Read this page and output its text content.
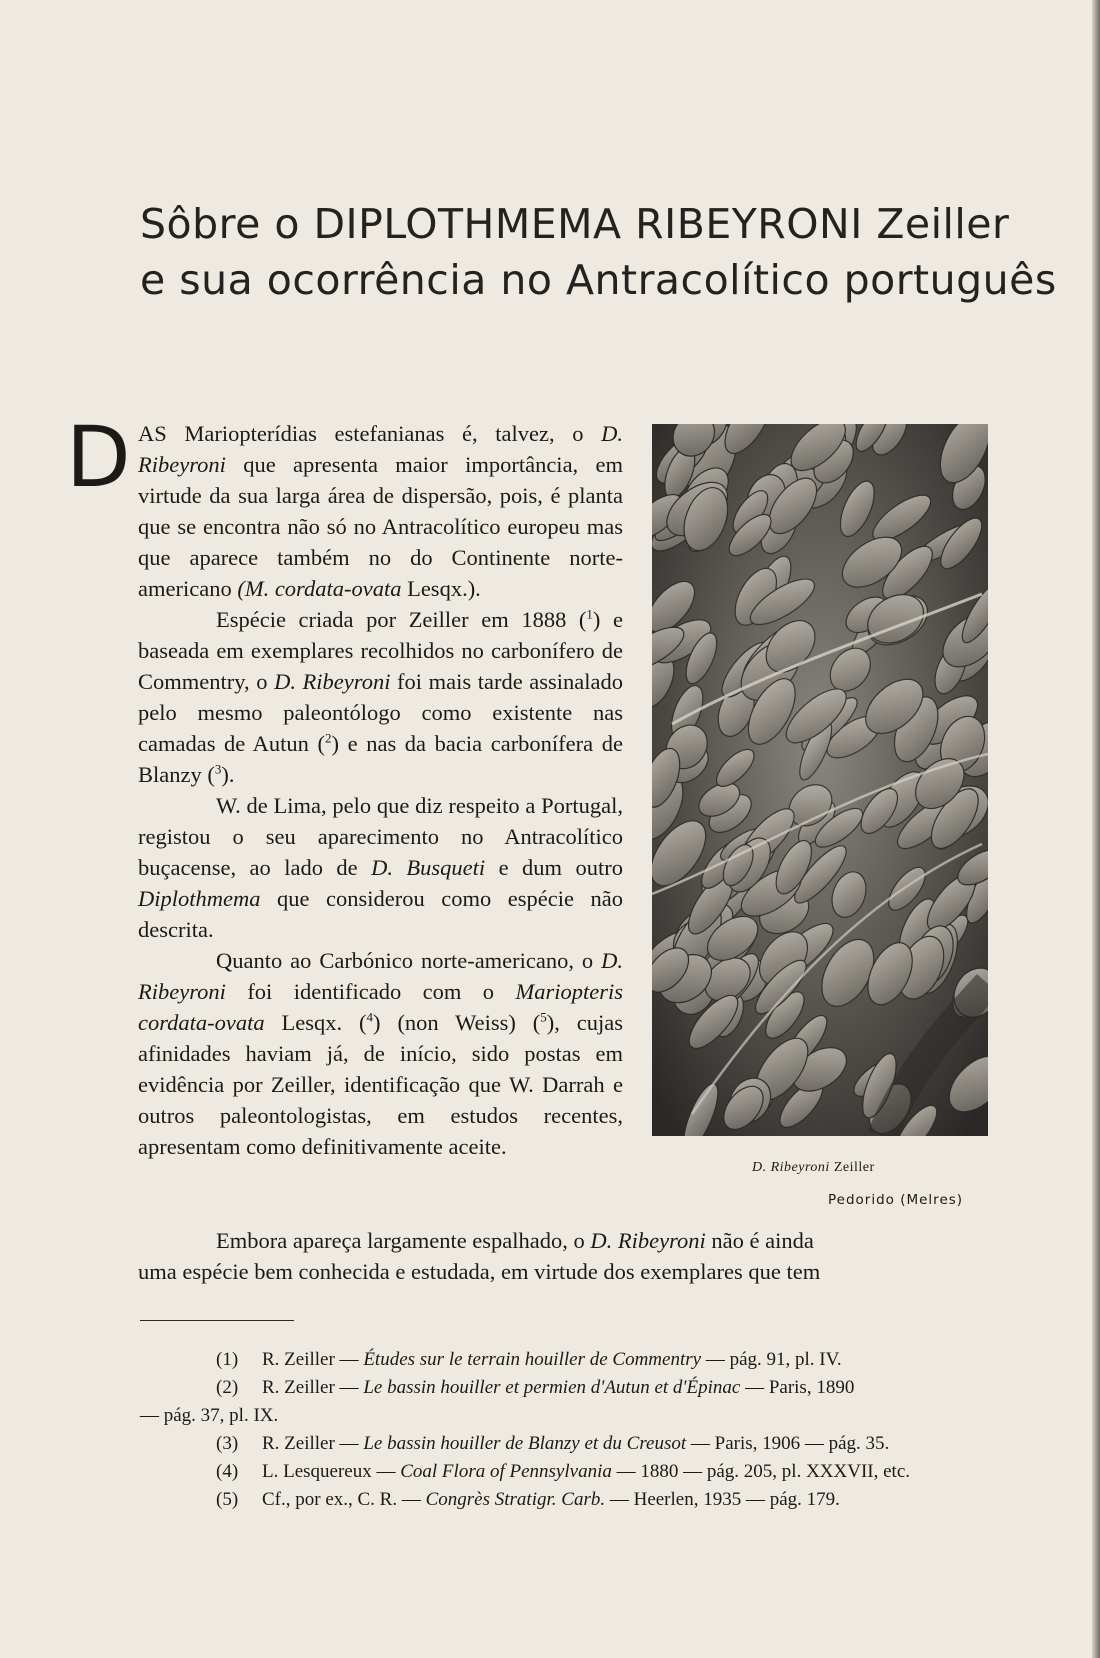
Sôbre o DIPLOTHMEMA RIBEYRONI Zeiller
e sua ocorrência no Antracolítico português

DAS Mariopterídias estefanianas é, talvez, o D. Ribeyroni que apresenta maior importância, em virtude da sua larga área de dispersão, pois, é planta que se encontra não só no Antracolítico europeu mas que aparece também no do Continente norte-americano (M. cordata-ovata Lesqx.).

Espécie criada por Zeiller em 1888 ($^1$) e baseada em exemplares recolhidos no carbonífero de Commentry, o D. Ribeyroni foi mais tarde assinalado pelo mesmo paleontólogo como existente nas camadas de Autun ($^2$) e nas da bacia carbonífera de Blanzy ($^3$).

W. de Lima, pelo que diz respeito a Portugal, registou o seu aparecimento no Antracolítico buçacense, ao lado de D. Busqueti e dum outro Diplothmema que considerou como espécie não descrita.

Quanto ao Carbónico norte-americano, o D. Ribeyroni foi identificado com o Mariopteris cordata-ovata Lesqx. ($^4$) (non Weiss) ($^5$), cujas afinidades haviam já, de início, sido postas em evidência por Zeiller, identificação que W. Darrah e outros paleontologistas, em estudos recentes, apresentam como definitivamente aceite.

Embora apareça largamente espalhado, o D. Ribeyroni não é ainda
uma espécie bem conhecida e estudada, em virtude dos exemplares que tem
D. Ribeyroni Zeiller
Pedorido (Melres)
(1) R. Zeiller — Études sur le terrain houiller de Commentry — pág. 91, pl. IV.
(2) R. Zeiller — Le bassin houiller et permien d'Autun et d'Épinac — Paris, 1890
— pág. 37, pl. IX.
(3) R. Zeiller — Le bassin houiller de Blanzy et du Creusot — Paris, 1906 — pág. 35.
(4) L. Lesquereux — Coal Flora of Pennsylvania — 1880 — pág. 205, pl. XXXVII, etc.
(5) Cf., por ex., C. R. — Congrès Stratigr. Carb. — Heerlen, 1935 — pág. 179.
